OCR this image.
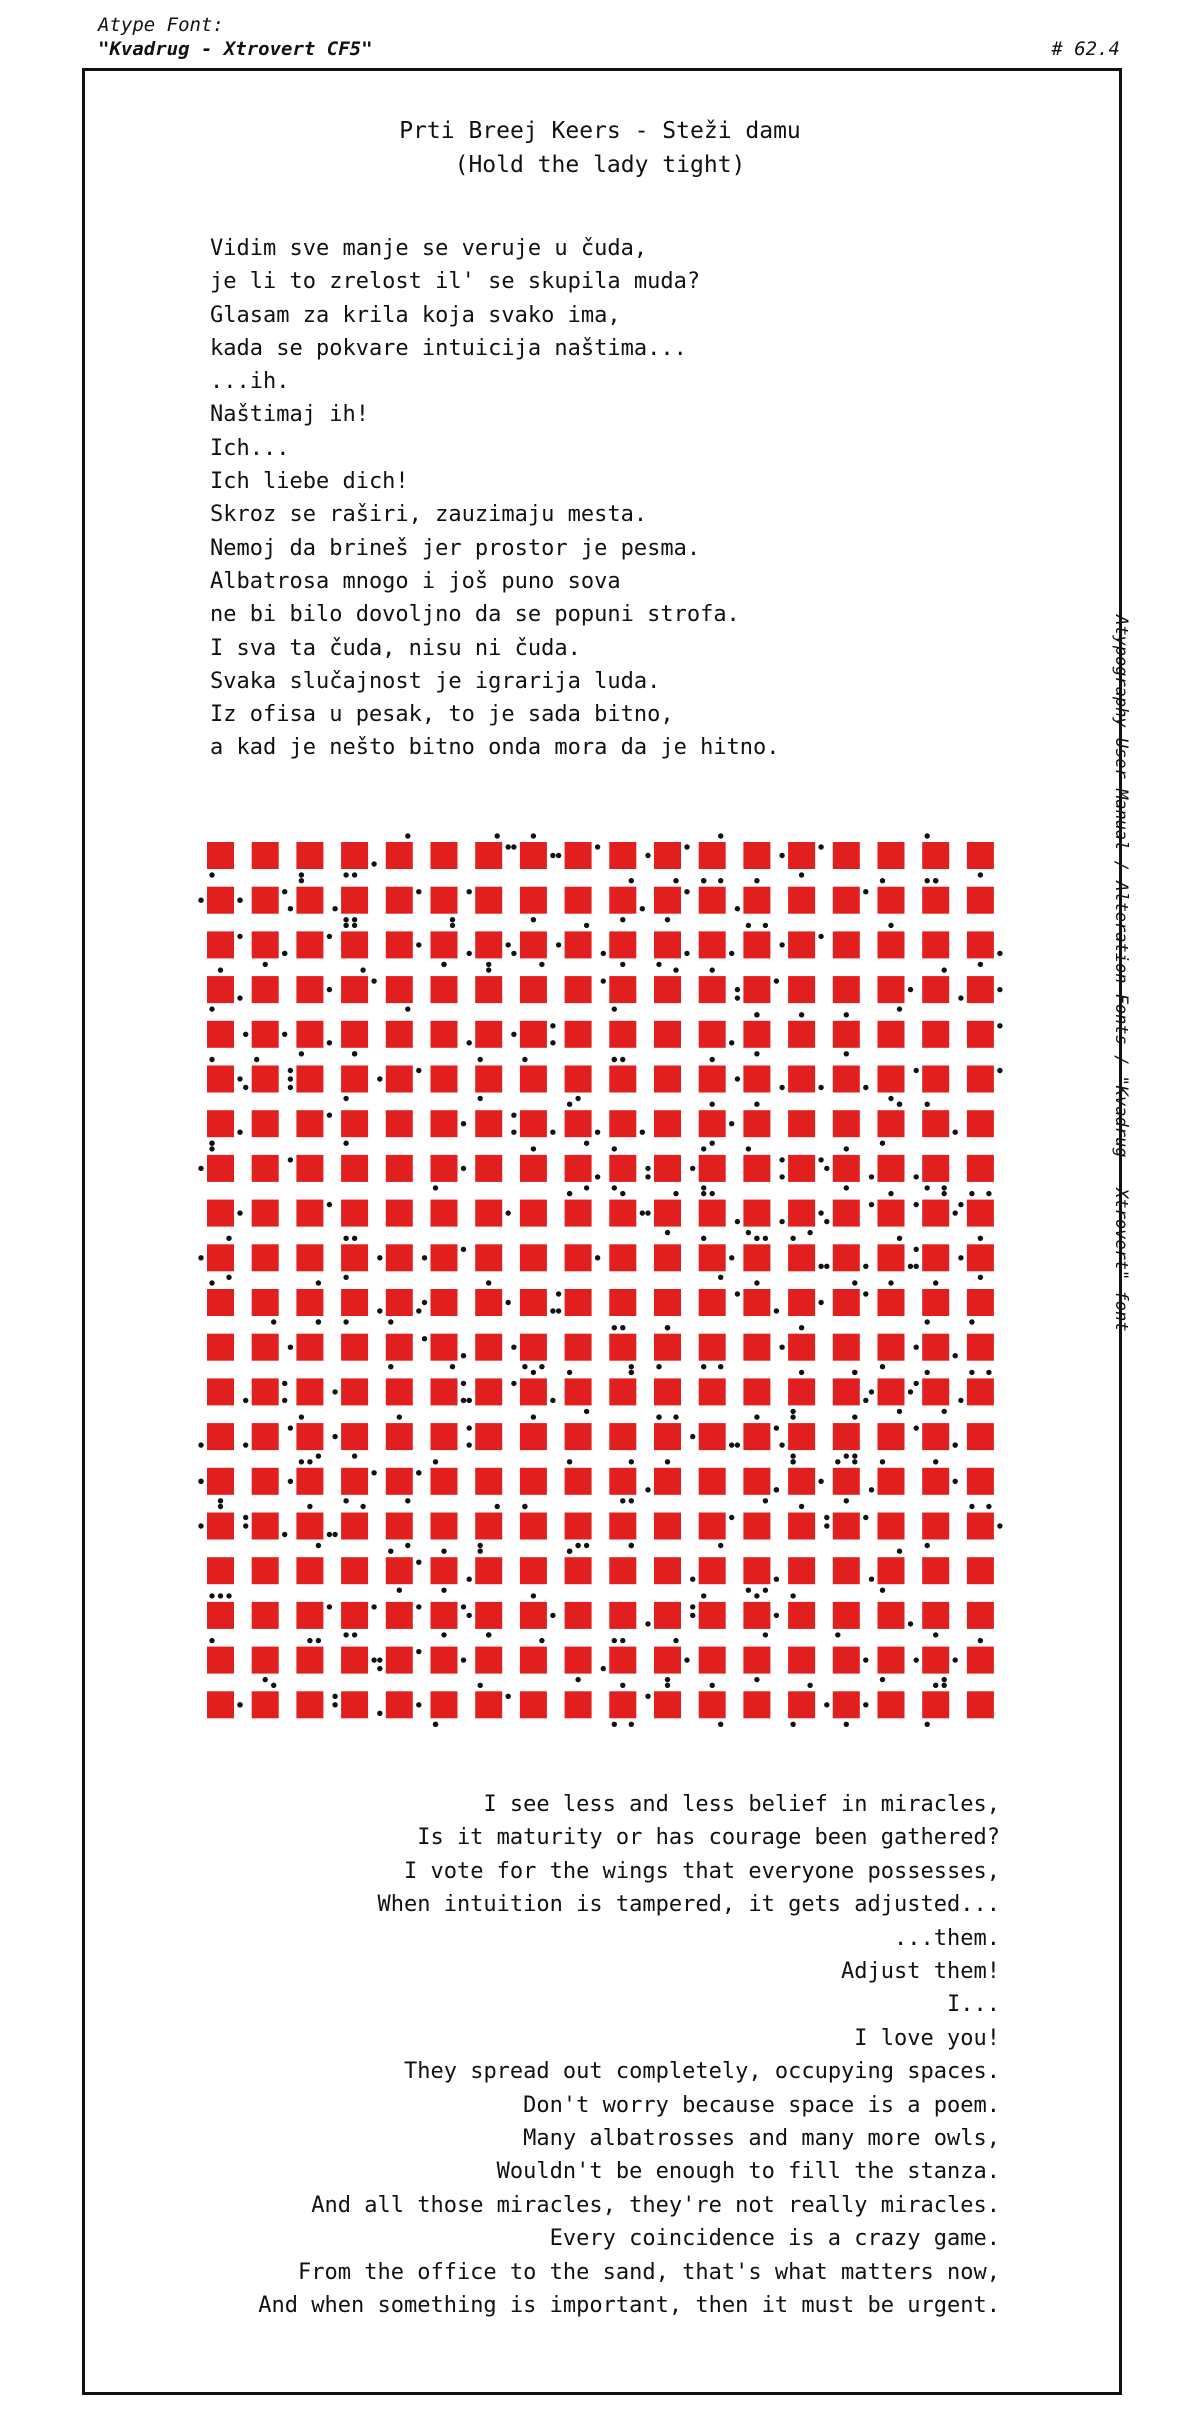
Atype Font:
"Kvadrug - Xtrovert CF5"	# 62.4
Atypography User Manual / Alteration Fonts / "Kvadrug - Xtrovert" font
Prti Breej Keers - Steži damu
(Hold the lady tight)
Vidim sve manje se veruje u čuda,
je li to zrelost il' se skupila muda?
Glasam za krila koja svako ima,
kada se pokvare intuicija naštima...
...ih.
Naštimaj ih!
Ich...
Ich liebe dich!
Skroz se raširi, zauzimaju mesta.
Nemoj da brineš jer prostor je pesma.
Albatrosa mnogo i još puno sova
ne bi bilo dovoljno da se popuni strofa.
I sva ta čuda, nisu ni čuda.
Svaka slučajnost je igrarija luda.
Iz ofisa u pesak, to je sada bitno,
a kad je nešto bitno onda mora da je hitno.
I see less and less belief in miracles,
Is it maturity or has courage been gathered?
I vote for the wings that everyone possesses,
When intuition is tampered, it gets adjusted...
...them.
Adjust them!
I...
I love you!
They spread out completely, occupying spaces.
Don't worry because space is a poem.
Many albatrosses and many more owls,
Wouldn't be enough to fill the stanza.
And all those miracles, they're not really miracles.
Every coincidence is a crazy game.
From the office to the sand, that's what matters now,
And when something is important, then it must be urgent.
